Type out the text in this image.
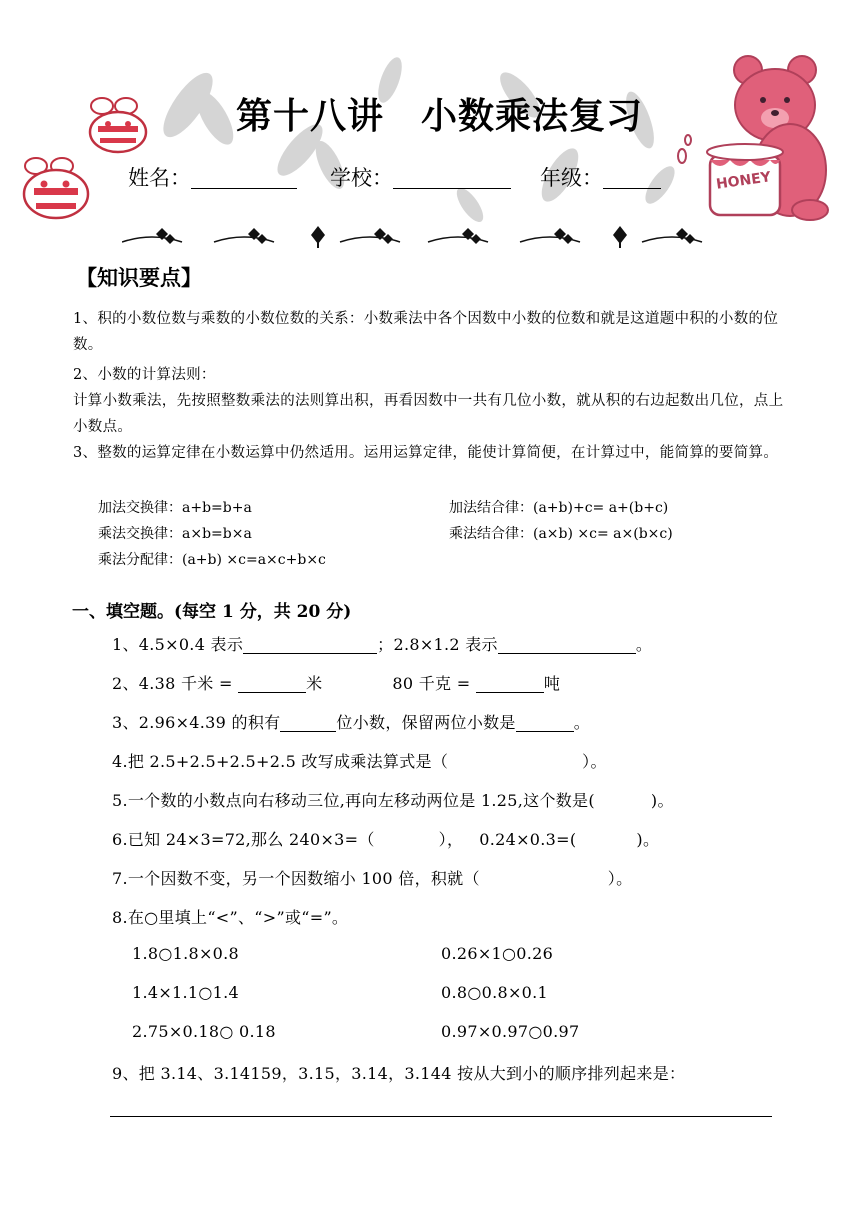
HONEY
第十八讲　小数乘法复习
姓名：	学校：	年级：
【知识要点】
1、积的小数位数与乘数的小数位数的关系：小数乘法中各个因数中小数的位数和就是这道题中积的小数的位数。
2、小数的计算法则：
计算小数乘法，先按照整数乘法的法则算出积，再看因数中一共有几位小数，就从积的右边起数出几位，点上小数点。
3、整数的运算定律在小数运算中仍然适用。运用运算定律，能使计算简便，在计算过中，能简算的要简算。
加法交换律：a+b=b+a	加法结合律：(a+b)+c= a+(b+c)
乘法交换律：a×b=b×a	乘法结合律：(a×b) ×c= a×(b×c)
乘法分配律：(a+b) ×c=a×c+b×c
一、填空题。(每空 1 分，共 20 分)
1、4.5×0.4 表示	；2.8×1.2 表示	。
2、4.38 千米 =	米	80 千克 =	吨
3、2.96×4.39 的积有	位小数，保留两位小数是	。
4.把 2.5+2.5+2.5+2.5 改写成乘法算式是（	）。
5.一个数的小数点向右移动三位,再向左移动两位是 1.25,这个数是(	)。
6.已知 24×3=72,那么 240×3=（	）， 0.24×0.3=(	)。
7.一个因数不变，另一个因数缩小 100 倍，积就（	）。
8.在○里填上“<”、“>”或“=”。
1.8○1.8×0.8	0.26×1○0.26
1.4×1.1○1.4	0.8○0.8×0.1
2.75×0.18○ 0.18	0.97×0.97○0.97
9、把 3.14、3.14159，3.15，3.14，3.144 按从大到小的顺序排列起来是：
